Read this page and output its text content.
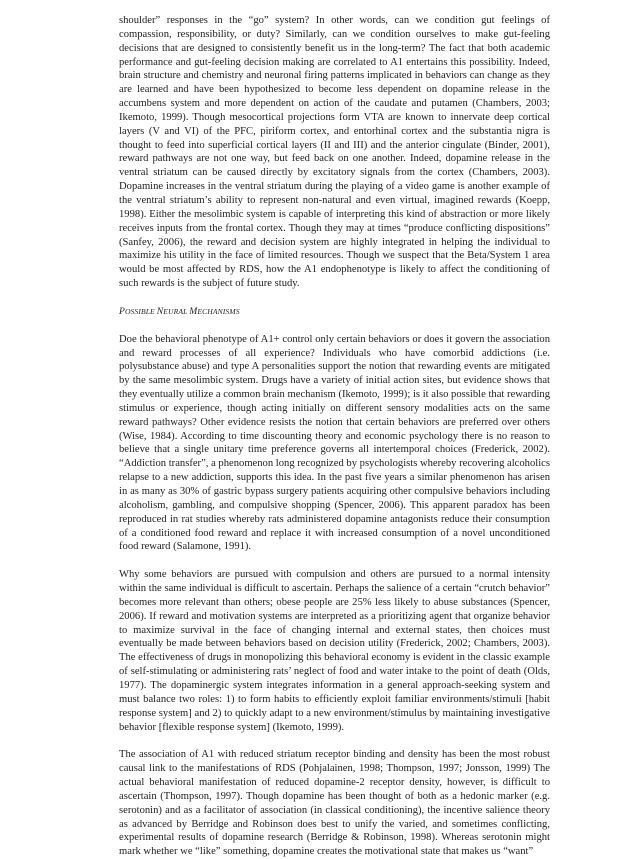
shoulder” responses in the “go” system? In other words, can we condition gut feelings of compassion, responsibility, or duty? Similarly, can we condition ourselves to make gut-feeling decisions that are designed to consistently benefit us in the long-term? The fact that both academic performance and gut-feeling decision making are correlated to A1 entertains this possibility. Indeed, brain structure and chemistry and neuronal firing patterns implicated in behaviors can change as they are learned and have been hypothesized to become less dependent on dopamine release in the accumbens system and more dependent on action of the caudate and putamen (Chambers, 2003; Ikemoto, 1999). Though mesocortical projections form VTA are known to innervate deep cortical layers (V and VI) of the PFC, piriform cortex, and entorhinal cortex and the substantia nigra is thought to feed into superficial cortical layers (II and III) and the anterior cingulate (Binder, 2001), reward pathways are not one way, but feed back on one another. Indeed, dopamine release in the ventral striatum can be caused directly by excitatory signals from the cortex (Chambers, 2003). Dopamine increases in the ventral striatum during the playing of a video game is another example of the ventral striatum’s ability to represent non-natural and even virtual, imagined rewards (Koepp, 1998). Either the mesolimbic system is capable of interpreting this kind of abstraction or more likely receives inputs from the frontal cortex. Though they may at times “produce conflicting dispositions” (Sanfey, 2006), the reward and decision system are highly integrated in helping the individual to maximize his utility in the face of limited resources. Though we suspect that the Beta/System 1 area would be most affected by RDS, how the A1 endophenotype is likely to affect the conditioning of such rewards is the subject of future study.

POSSIBLE NEURAL MECHANISMS

Doe the behavioral phenotype of A1+ control only certain behaviors or does it govern the association and reward processes of all experience? Individuals who have comorbid addictions (i.e. polysubstance abuse) and type A personalities support the notion that rewarding events are mitigated by the same mesolimbic system. Drugs have a variety of initial action sites, but evidence shows that they eventually utilize a common brain mechanism (Ikemoto, 1999); is it also possible that rewarding stimulus or experience, though acting initially on different sensory modalities acts on the same reward pathways? Other evidence resists the notion that certain behaviors are preferred over others (Wise, 1984). According to time discounting theory and economic psychology there is no reason to believe that a single unitary time preference governs all intertemporal choices (Frederick, 2002). “Addiction transfer”, a phenomenon long recognized by psychologists whereby recovering alcoholics relapse to a new addiction, supports this idea. In the past five years a similar phenomenon has arisen in as many as 30% of gastric bypass surgery patients acquiring other compulsive behaviors including alcoholism, gambling, and compulsive shopping (Spencer, 2006). This apparent paradox has been reproduced in rat studies whereby rats administered dopamine antagonists reduce their consumption of a conditioned food reward and replace it with increased consumption of a novel unconditioned food reward (Salamone, 1991).

Why some behaviors are pursued with compulsion and others are pursued to a normal intensity within the same individual is difficult to ascertain. Perhaps the salience of a certain “crutch behavior” becomes more relevant than others; obese people are 25% less likely to abuse substances (Spencer, 2006). If reward and motivation systems are interpreted as a prioritizing agent that organize behavior to maximize survival in the face of changing internal and external states, then choices must eventually be made between behaviors based on decision utility (Frederick, 2002; Chambers, 2003). The effectiveness of drugs in monopolizing this behavioral economy is evident in the classic example of self-stimulating or administering rats’ neglect of food and water intake to the point of death (Olds, 1977). The dopaminergic system integrates information in a general approach-seeking system and must balance two roles: 1) to form habits to efficiently exploit familiar environments/stimuli [habit response system] and 2) to quickly adapt to a new environment/stimulus by maintaining investigative behavior [flexible response system] (Ikemoto, 1999).

The association of A1 with reduced striatum receptor binding and density has been the most robust causal link to the manifestations of RDS (Pohjalainen, 1998; Thompson, 1997; Jonsson, 1999) The actual behavioral manifestation of reduced dopamine-2 receptor density, however, is difficult to ascertain (Thompson, 1997). Though dopamine has been thought of both as a hedonic marker (e.g. serotonin) and as a facilitator of association (in classical conditioning), the incentive salience theory as advanced by Berridge and Robinson does best to unify the varied, and sometimes conflicting, experimental results of dopamine research (Berridge & Robinson, 1998). Whereas serotonin might mark whether we “like” something, dopamine creates the motivational state that makes us “want”
